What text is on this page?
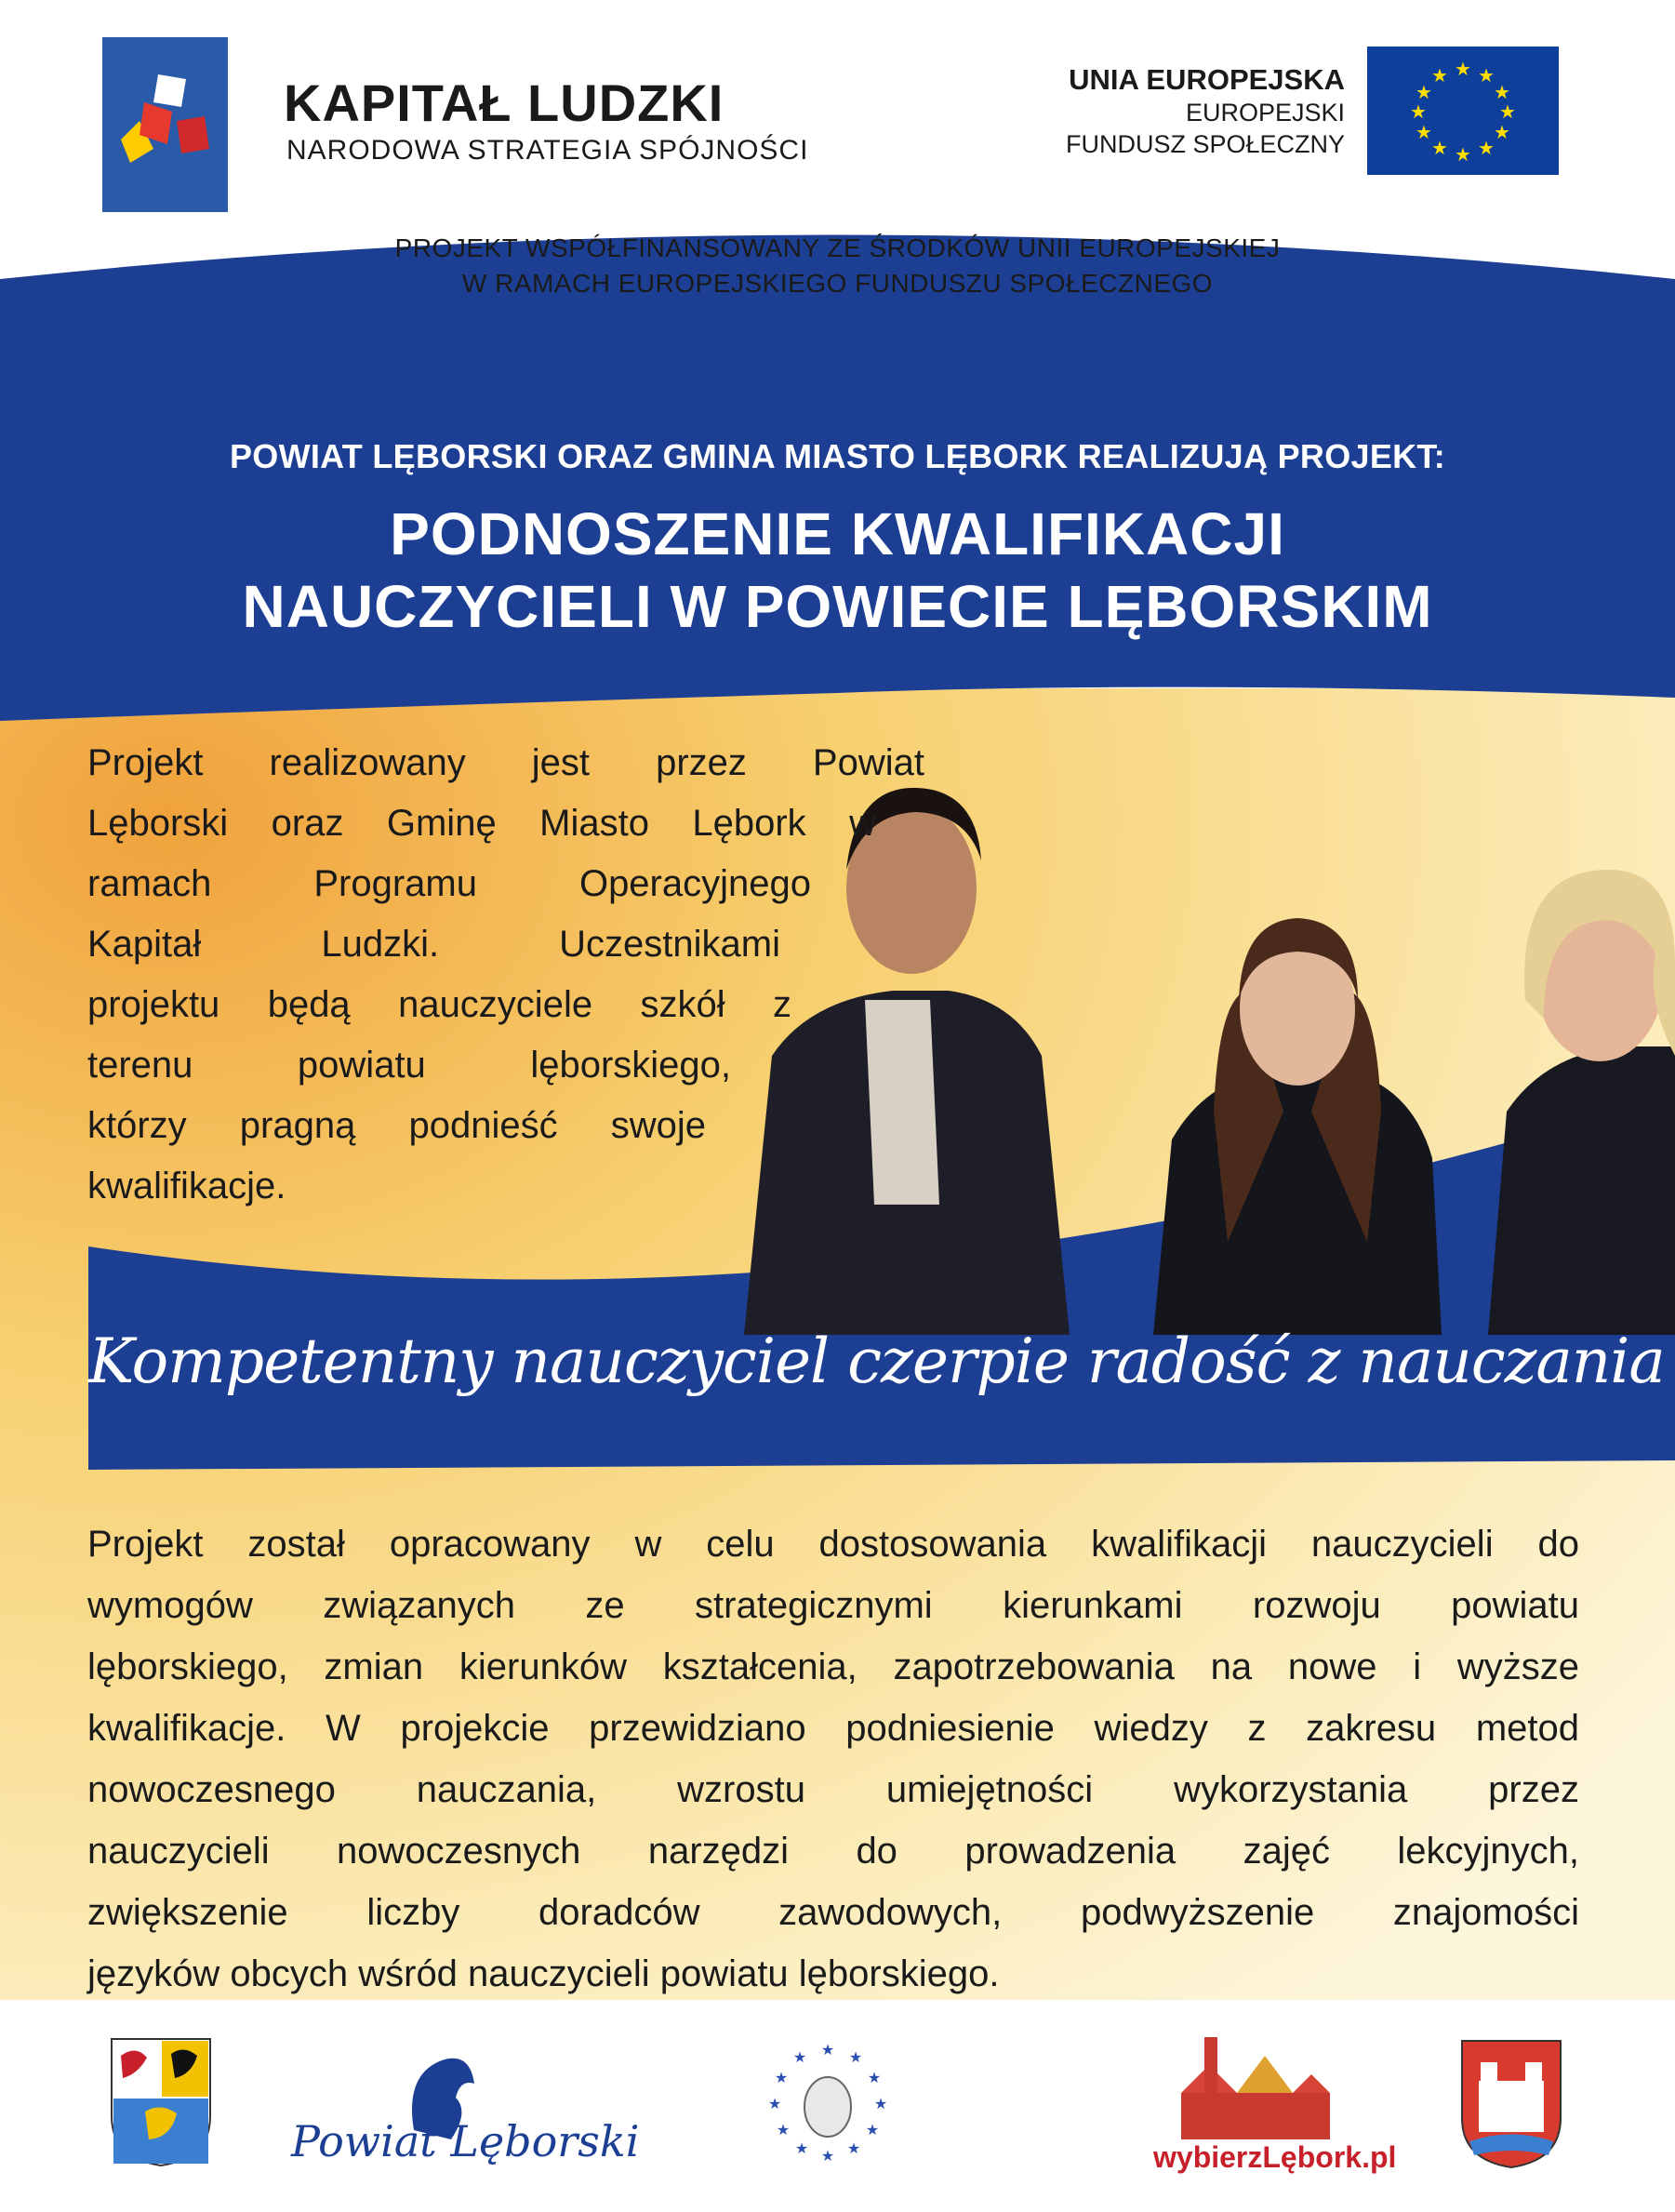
KAPITAŁ LUDZKI
NARODOWA STRATEGIA SPÓJNOŚCI
UNIA EUROPEJSKA
EUROPEJSKI
FUNDUSZ SPOŁECZNY
★ ★
★
★
★
★
★
★
★
★
★
★
PROJEKT WSPÓŁFINANSOWANY ZE ŚRODKÓW UNII EUROPEJSKIEJ
W RAMACH EUROPEJSKIEGO FUNDUSZU SPOŁECZNEGO
POWIAT LĘBORSKI ORAZ GMINA MIASTO LĘBORK REALIZUJĄ PROJEKT:
PODNOSZENIE KWALIFIKACJI
NAUCZYCIELI W POWIECIE LĘBORSKIM
Projekt realizowany jest przez Powiat
Lęborski oraz Gminę Miasto Lębork w
ramach Programu Operacyjnego
Kapitał Ludzki. Uczestnikami
projektu będą nauczyciele szkół z
terenu powiatu lęborskiego,
którzy pragną podnieść swoje
kwalifikacje.
Kompetentny nauczyciel czerpie radość z nauczania
Projekt został opracowany w celu dostosowania kwalifikacji nauczycieli do
wymogów związanych ze strategicznymi kierunkami rozwoju powiatu
lęborskiego, zmian kierunków kształcenia, zapotrzebowania na nowe i wyższe
kwalifikacje. W projekcie przewidziano podniesienie wiedzy z zakresu metod
nowoczesnego nauczania, wzrostu umiejętności wykorzystania przez
nauczycieli nowoczesnych narzędzi do prowadzenia zajęć lekcyjnych,
zwiększenie liczby doradców zawodowych, podwyższenie znajomości
języków obcych wśród nauczycieli powiatu lęborskiego.
Powiat Lęborski
★ ★
★
★
★
★
★
★
★
★
★
★
wybierzLębork.pl
